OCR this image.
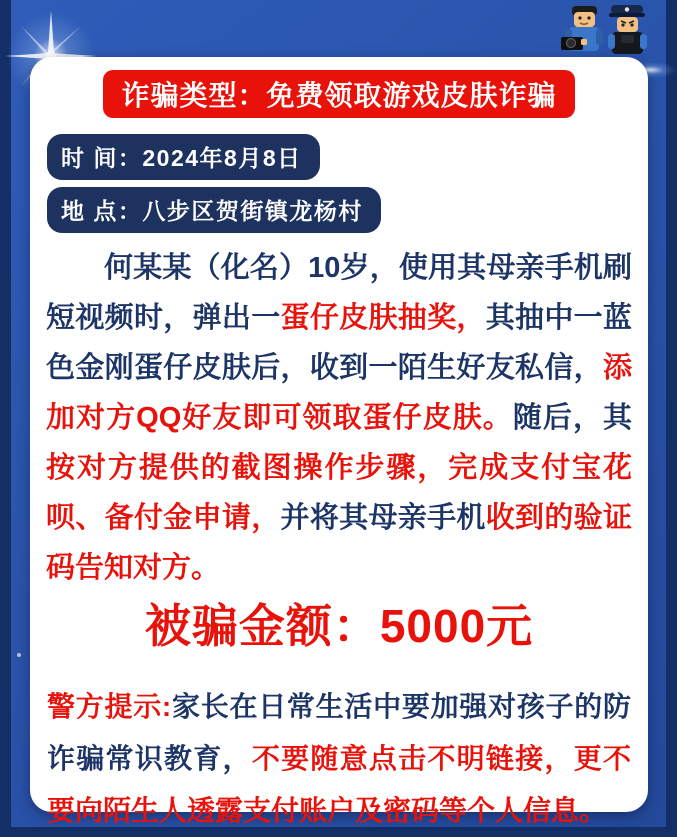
诈骗类型：免费领取游戏皮肤诈骗
时 间：2024年8月8日
地 点：八步区贺街镇龙杨村

何某某（化名）10岁，使用其母亲手机刷短视频时，弹出一蛋仔皮肤抽奖，其抽中一蓝色金刚蛋仔皮肤后，收到一陌生好友私信，添加对方QQ好友即可领取蛋仔皮肤。随后，其按对方提供的截图操作步骤，完成支付宝花呗、备付金申请，并将其母亲手机收到的验证码告知对方。

被骗金额：5000元

警方提示:家长在日常生活中要加强对孩子的防诈骗常识教育，不要随意点击不明链接，更不要向陌生人透露支付账户及密码等个人信息。
